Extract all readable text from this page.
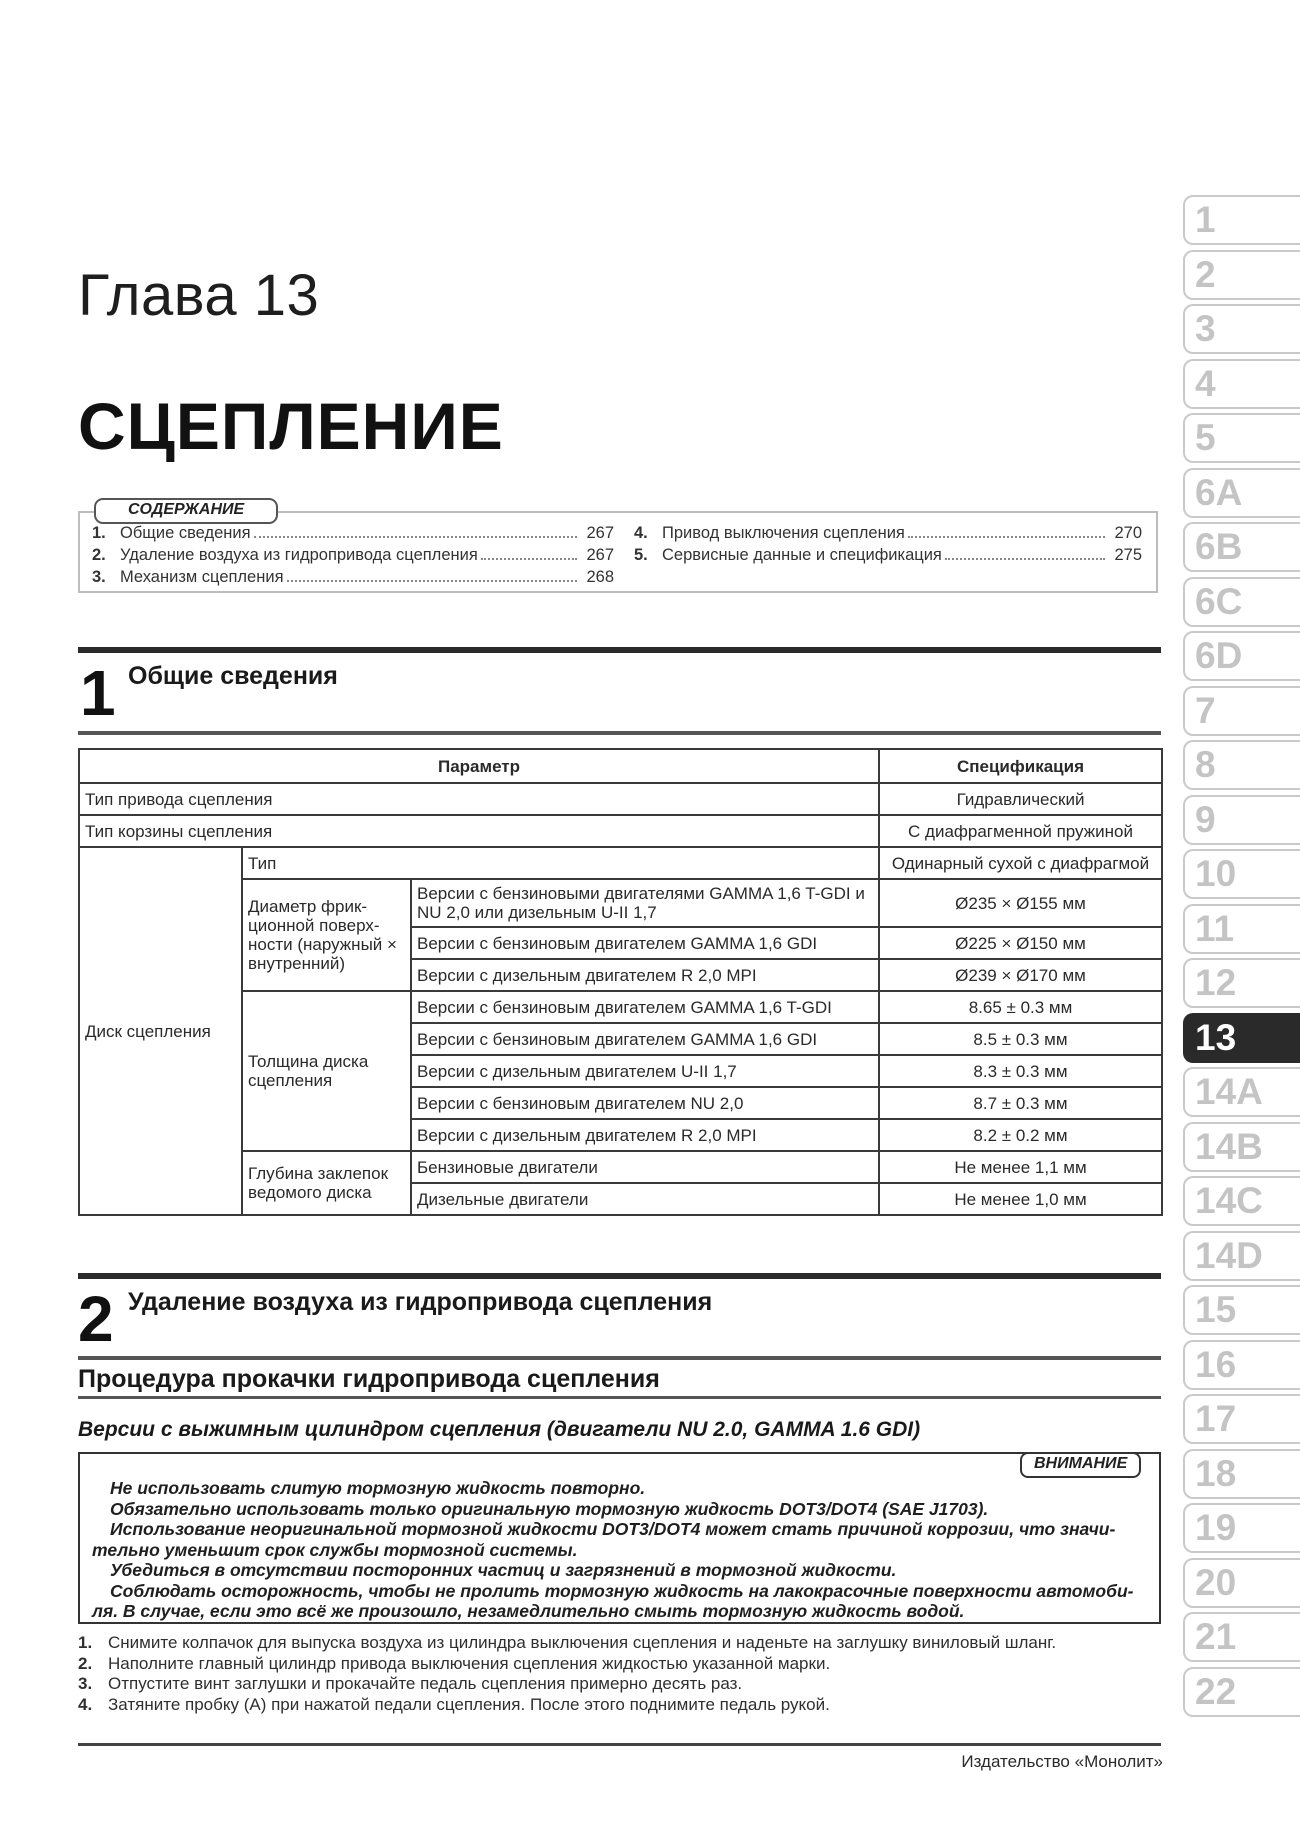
Глава 13
СЦЕПЛЕНИЕ
СОДЕРЖАНИЕ
1. Общие сведения	267
2. Удаление воздуха из гидропривода сцепления	267
3. Механизм сцепления	268
4. Привод выключения сцепления	270
5. Сервисные данные и спецификация	275
1 Общие сведения
Параметр			Спецификация
Тип привода сцепления			Гидравлический
Тип корзины сцепления			С диафрагменной пружиной
Диск сцепления	Тип		Одинарный сухой с диафрагмой
	Диаметр фрик-ционной поверх-ности (наружный × внутренний)	Версии с бензиновыми двигателями GAMMA 1,6 T-GDI и NU 2,0 или дизельным U-II 1,7	Ø235 × Ø155 мм
		Версии с бензиновым двигателем GAMMA 1,6 GDI	Ø225 × Ø150 мм
		Версии с дизельным двигателем R 2,0 MPI	Ø239 × Ø170 мм
	Толщина диска сцепления	Версии с бензиновым двигателем GAMMA 1,6 T-GDI	8.65 ± 0.3 мм
		Версии с бензиновым двигателем GAMMA 1,6 GDI	8.5 ± 0.3 мм
		Версии с дизельным двигателем U-II 1,7	8.3 ± 0.3 мм
		Версии с бензиновым двигателем NU 2,0	8.7 ± 0.3 мм
		Версии с дизельным двигателем R 2,0 MPI	8.2 ± 0.2 мм
	Глубина заклепок ведомого диска	Бензиновые двигатели	Не менее 1,1 мм
		Дизельные двигатели	Не менее 1,0 мм
2 Удаление воздуха из гидропривода сцепления
Процедура прокачки гидропривода сцепления
Версии с выжимным цилиндром сцепления (двигатели NU 2.0, GAMMA 1.6 GDI)
ВНИМАНИЕ
Не использовать слитую тормозную жидкость повторно.
Обязательно использовать только оригинальную тормозную жидкость DOT3/DOT4 (SAE J1703).
Использование неоригинальной тормозной жидкости DOT3/DOT4 может стать причиной коррозии, что значи-
тельно уменьшит срок службы тормозной системы.
Убедиться в отсутствии посторонних частиц и загрязнений в тормозной жидкости.
Соблюдать осторожность, чтобы не пролить тормозную жидкость на лакокрасочные поверхности автомоби-
ля. В случае, если это всё же произошло, незамедлительно смыть тормозную жидкость водой.
1. Снимите колпачок для выпуска воздуха из цилиндра выключения сцепления и наденьте на заглушку виниловый шланг.
2. Наполните главный цилиндр привода выключения сцепления жидкостью указанной марки.
3. Отпустите винт заглушки и прокачайте педаль сцепления примерно десять раз.
4. Затяните пробку (А) при нажатой педали сцепления. После этого поднимите педаль рукой.
Издательство «Монолит»
1
2
3
4
5
6A
6B
6C
6D
7
8
9
10
11
12
13
14A
14B
14C
14D
15
16
17
18
19
20
21
22
